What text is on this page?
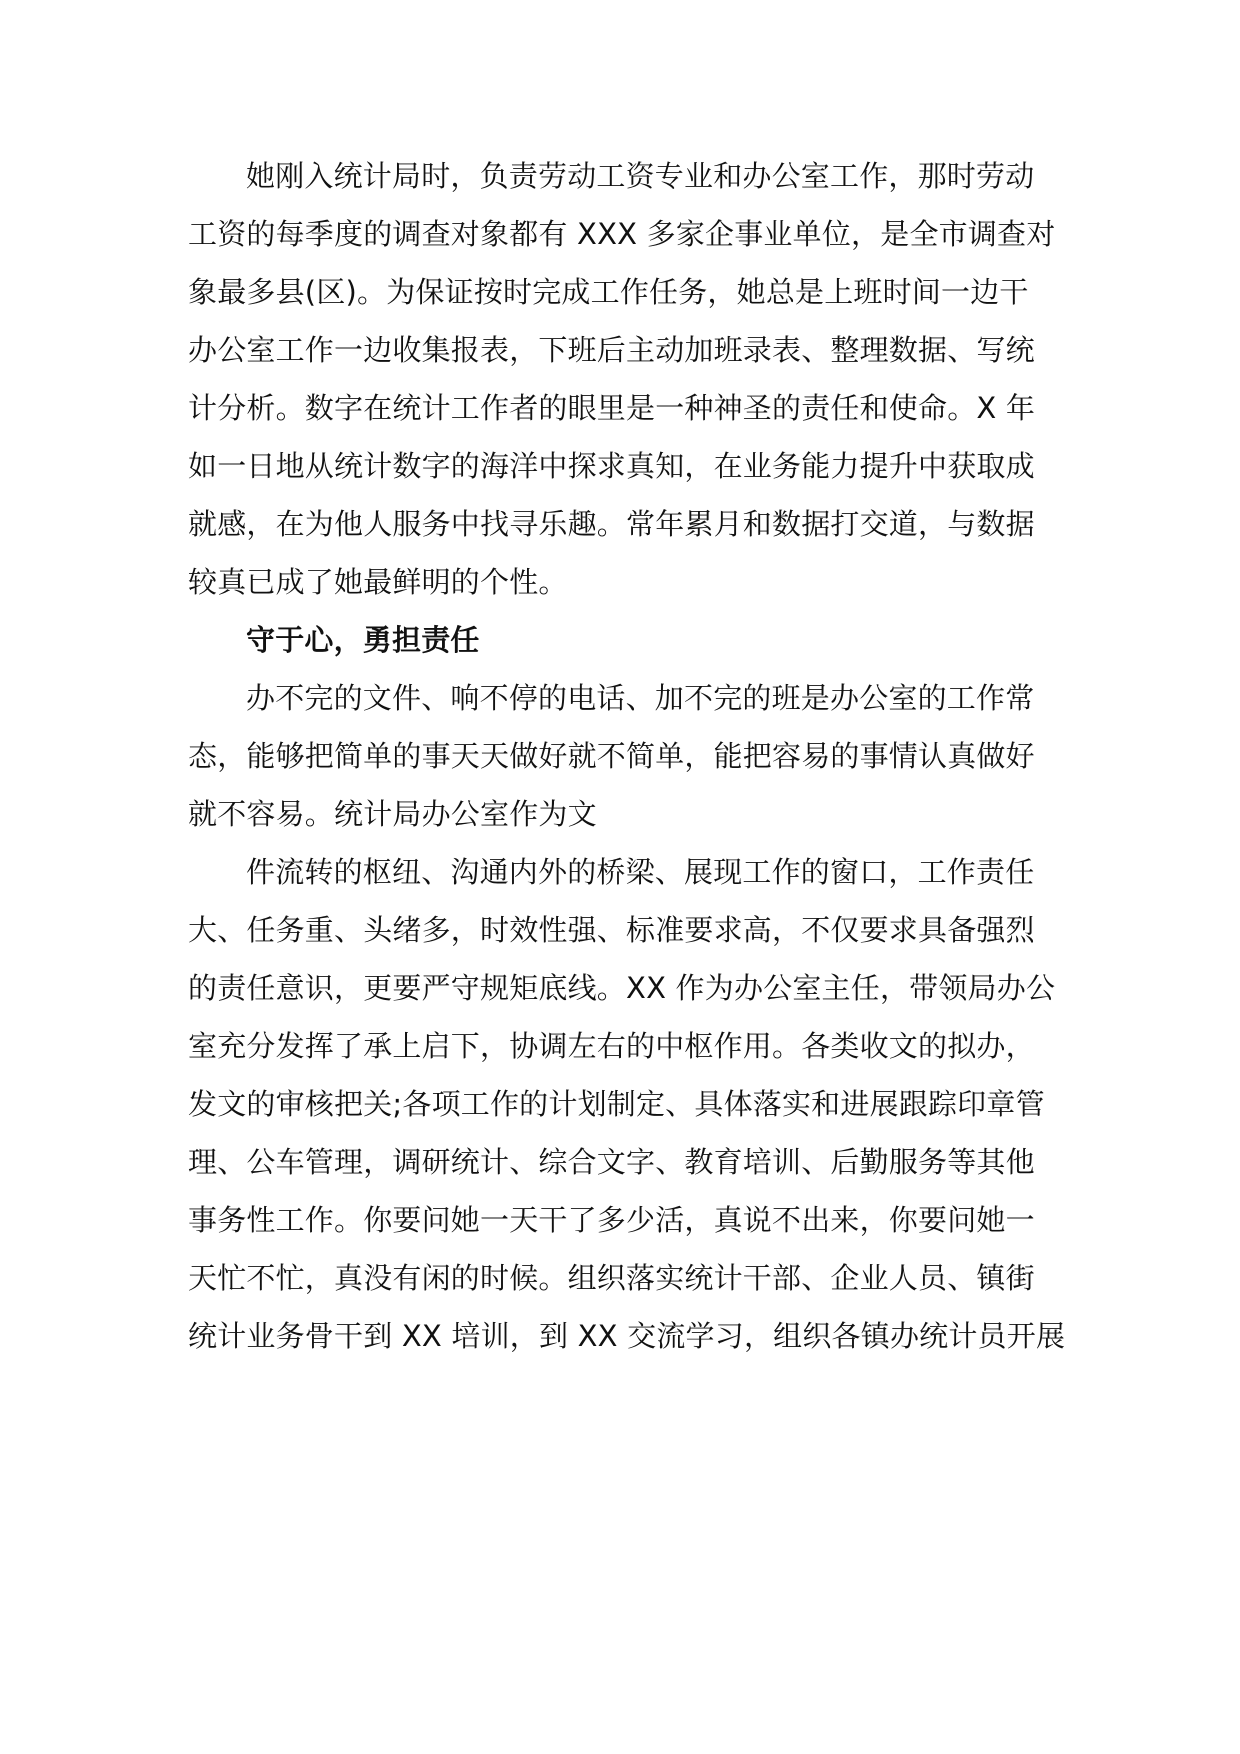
她刚入统计局时，负责劳动工资专业和办公室工作，那时劳动
工资的每季度的调查对象都有 XXX 多家企事业单位，是全市调查对
象最多县(区)。为保证按时完成工作任务，她总是上班时间一边干
办公室工作一边收集报表，下班后主动加班录表、整理数据、写统
计分析。数字在统计工作者的眼里是一种神圣的责任和使命。X 年
如一日地从统计数字的海洋中探求真知，在业务能力提升中获取成
就感，在为他人服务中找寻乐趣。常年累月和数据打交道，与数据
较真已成了她最鲜明的个性。
守于心，勇担责任
办不完的文件、响不停的电话、加不完的班是办公室的工作常
态，能够把简单的事天天做好就不简单，能把容易的事情认真做好
就不容易。统计局办公室作为文
件流转的枢纽、沟通内外的桥梁、展现工作的窗口，工作责任
大、任务重、头绪多，时效性强、标准要求高，不仅要求具备强烈
的责任意识，更要严守规矩底线。XX 作为办公室主任，带领局办公
室充分发挥了承上启下，协调左右的中枢作用。各类收文的拟办，
发文的审核把关;各项工作的计划制定、具体落实和进展跟踪印章管
理、公车管理，调研统计、综合文字、教育培训、后勤服务等其他
事务性工作。你要问她一天干了多少活，真说不出来，你要问她一
天忙不忙，真没有闲的时候。组织落实统计干部、企业人员、镇街
统计业务骨干到 XX 培训，到 XX 交流学习，组织各镇办统计员开展
